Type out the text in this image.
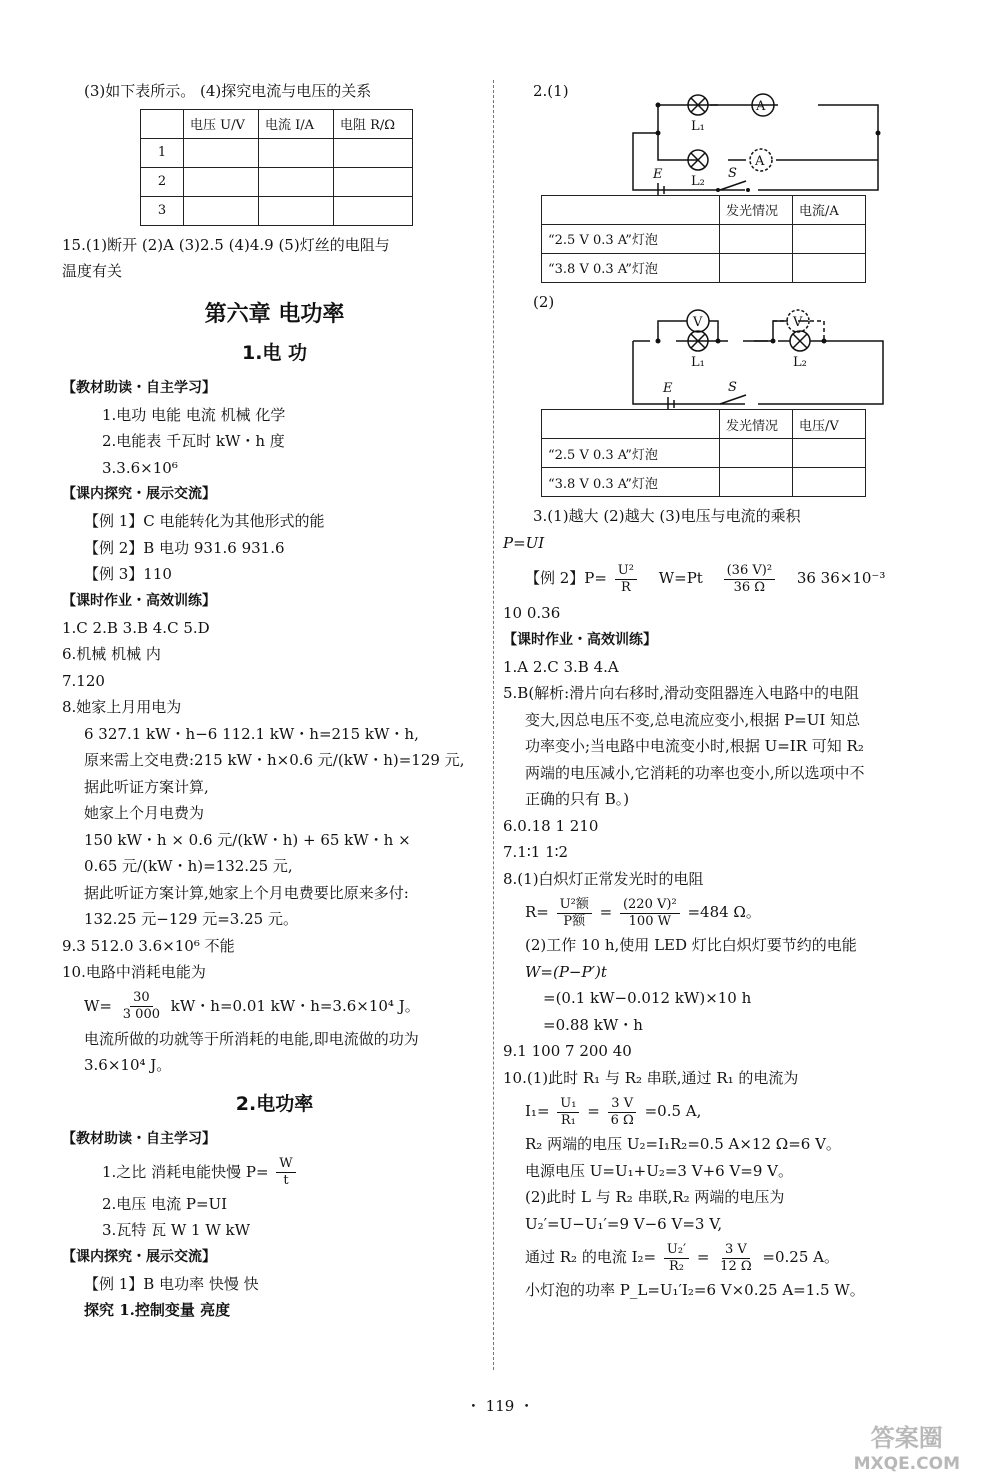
(3)如下表所示。 (4)探究电流与电压的关系
	电压 U/V	电流 I/A	电阻 R/Ω
1			
2			
3			
15.(1)断开 (2)A (3)2.5 (4)4.9 (5)灯丝的电阻与
温度有关
第六章 电功率
1.电 功
【教材助读・自主学习】
1.电功 电能 电流 机械 化学
2.电能表 千瓦时 kW・h 度
3.3.6×10⁶
【课内探究・展示交流】
【例 1】C 电能转化为其他形式的能
【例 2】B 电功 931.6 931.6
【例 3】110
【课时作业・高效训练】
1.C 2.B 3.B 4.C 5.D
6.机械 机械 内
7.120
8.她家上月用电为
6 327.1 kW・h−6 112.1 kW・h=215 kW・h,
原来需上交电费:215 kW・h×0.6 元/(kW・h)=129 元,
据此听证方案计算,
她家上个月电费为
150 kW・h × 0.6 元/(kW・h) + 65 kW・h ×
0.65 元/(kW・h)=132.25 元,
据此听证方案计算,她家上个月电费要比原来多付:
132.25 元−129 元=3.25 元。
9.3 512.0 3.6×10⁶ 不能
10.电路中消耗电能为
$W= \frac{30}{3 000}$ kW・h=0.01 kW・h=3.6×10⁴ J。
电流所做的功就等于所消耗的电能,即电流做的功为
3.6×10⁴ J。
2.电功率
【教材助读・自主学习】
1.之比 消耗电能快慢 $P= \frac{W}{t}$
2.电压 电流 P=UI
3.瓦特 瓦 W 1 W kW
【课内探究・展示交流】
【例 1】B 电功率 快慢 快
探究 1.控制变量 亮度
2.(1)
A
A
L₁
L₂
E	S
	发光情况	电流/A
“2.5 V 0.3 A”灯泡		
“3.8 V 0.3 A”灯泡		
(2)
V	V
L₁	L₂
E	S
	发光情况	电压/V
“2.5 V 0.3 A”灯泡		
“3.8 V 0.3 A”灯泡		
3.(1)越大 (2)越大 (3)电压与电流的乘积
P=UI
【例 2】$P= \frac{\text{U²}}{R} W=Pt \frac{\text{(36 V)²}}{36 \Omega} 36$ 36×10⁻³
10 0.36
【课时作业・高效训练】
1.A 2.C 3.B 4.A
5.B(解析:滑片向右移时,滑动变阻器连入电路中的电阻
变大,因总电压不变,总电流应变小,根据 P=UI 知总
功率变小;当电路中电流变小时,根据 U=IR 可知 R₂
两端的电压减小,它消耗的功率也变小,所以选项中不
正确的只有 B。)
6.0.18 1 210
7.1∶1 1∶2
8.(1)白炽灯正常发光时的电阻
$R= \frac{\text{U²额}}{\text{P额}} = \frac{\text{(220 V)²}}{100 W} =484$ Ω。
(2)工作 10 h,使用 LED 灯比白炽灯要节约的电能
W=(P−P′)t
=(0.1 kW−0.012 kW)×10 h
=0.88 kW・h
9.1 100 7 200 40
10.(1)此时 R₁ 与 R₂ 串联,通过 R₁ 的电流为
$I_1= \frac{\text{U₁}}{\text{R₁}} = \frac{3 V}{6 \Omega} =0.5$ A,
R₂ 两端的电压 U₂=I₁R₂=0.5 A×12 Ω=6 V。
电源电压 U=U₁+U₂=3 V+6 V=9 V。
(2)此时 L 与 R₂ 串联,R₂ 两端的电压为
U₂′=U−U₁′=9 V−6 V=3 V,
通过 R₂ 的电流 $I_2= \frac{\text{U₂′}}{\text{R₂}} = \frac{3 V}{12 \Omega} =0.25$ A。
小灯泡的功率 P_L=U₁′I₂=6 V×0.25 A=1.5 W。
・ 119 ・
答案圈
MXQE.COM
